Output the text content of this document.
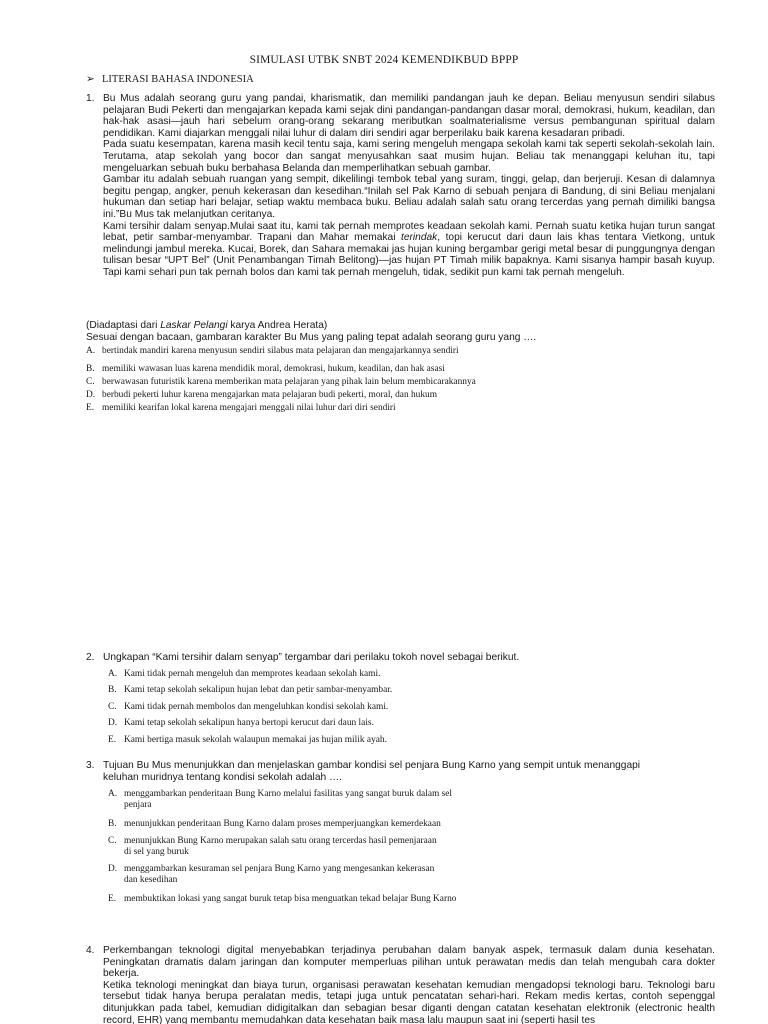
SIMULASI UTBK SNBT 2024 KEMENDIKBUD BPPP
➢ LITERASI BAHASA INDONESIA
1. Bu Mus adalah seorang guru yang pandai, kharismatik, dan memiliki pandangan jauh ke depan. Beliau menyusun sendiri silabus pelajaran Budi Pekerti dan mengajarkan kepada kami sejak dini pandangan-pandangan dasar moral, demokrasi, hukum, keadilan, dan hak-hak asasi—jauh hari sebelum orang-orang sekarang meributkan soalmaterialisme versus pembangunan spiritual dalam pendidikan. Kami diajarkan menggali nilai luhur di dalam diri sendiri agar berperilaku baik karena kesadaran pribadi.

Pada suatu kesempatan, karena masih kecil tentu saja, kami sering mengeluh mengapa sekolah kami tak seperti sekolah-sekolah lain. Terutama, atap sekolah yang bocor dan sangat menyusahkan saat musim hujan. Beliau tak menanggapi keluhan itu, tapi mengeluarkan sebuah buku berbahasa Belanda dan memperlihatkan sebuah gambar.

Gambar itu adalah sebuah ruangan yang sempit, dikelilingi tembok tebal yang suram, tinggi, gelap, dan berjeruji. Kesan di dalamnya begitu pengap, angker, penuh kekerasan dan kesedihan.“Inilah sel Pak Karno di sebuah penjara di Bandung, di sini Beliau menjalani hukuman dan setiap hari belajar, setiap waktu membaca buku. Beliau adalah salah satu orang tercerdas yang pernah dimiliki bangsa ini.”Bu Mus tak melanjutkan ceritanya.

Kami tersihir dalam senyap.Mulai saat itu, kami tak pernah memprotes keadaan sekolah kami. Pernah suatu ketika hujan turun sangat lebat, petir sambar-menyambar. Trapani dan Mahar memakai terindak, topi kerucut dari daun lais khas tentara Vietkong, untuk melindungi jambul mereka. Kucai, Borek, dan Sahara memakai jas hujan kuning bergambar gerigi metal besar di punggungnya dengan tulisan besar “UPT Bel” (Unit Penambangan Timah Belitong)—jas hujan PT Timah milik bapaknya. Kami sisanya hampir basah kuyup. Tapi kami sehari pun tak pernah bolos dan kami tak pernah mengeluh, tidak, sedikit pun kami tak pernah mengeluh.

(Diadaptasi dari Laskar Pelangi karya Andrea Herata)
Sesuai dengan bacaan, gambaran karakter Bu Mus yang paling tepat adalah seorang guru yang ….
A. bertindak mandiri karena menyusun sendiri silabus mata pelajaran dan mengajarkannya sendiri
B. memiliki wawasan luas karena mendidik moral, demokrasi, hukum, keadilan, dan hak asasi
C. berwawasan futuristik karena memberikan mata pelajaran yang pihak lain belum membicarakannya
D. berbudi pekerti luhur karena mengajarkan mata pelajaran budi pekerti, moral, dan hukum
E. memiliki kearifan lokal karena mengajari menggali nilai luhur dari diri sendiri
2. Ungkapan “Kami tersihir dalam senyap” tergambar dari perilaku tokoh novel sebagai berikut.
A. Kami tidak pernah mengeluh dan memprotes keadaan sekolah kami.
B. Kami tetap sekolah sekalipun hujan lebat dan petir sambar-menyambar.
C. Kami tidak pernah membolos dan mengeluhkan kondisi sekolah kami.
D. Kami tetap sekolah sekalipun hanya bertopi kerucut dari daun lais.
E. Kami bertiga masuk sekolah walaupun memakai jas hujan milik ayah.
3. Tujuan Bu Mus menunjukkan dan menjelaskan gambar kondisi sel penjara Bung Karno yang sempit untuk menanggapi
keluhan muridnya tentang kondisi sekolah adalah ….
A. menggambarkan penderitaan Bung Karno melalui fasilitas yang sangat buruk dalam sel
penjara
B. menunjukkan penderitaan Bung Karno dalam proses memperjuangkan kemerdekaan
C. menunjukkan Bung Karno merupakan salah satu orang tercerdas hasil pemenjaraan
di sel yang buruk
D. menggambarkan kesuraman sel penjara Bung Karno yang mengesankan kekerasan
dan kesedihan
E. membuktikan lokasi yang sangat buruk tetap bisa menguatkan tekad belajar Bung Karno
4. Perkembangan teknologi digital menyebabkan terjadinya perubahan dalam banyak aspek, termasuk dalam dunia kesehatan. Peningkatan dramatis dalam jaringan dan komputer memperluas pilihan untuk perawatan medis dan telah mengubah cara dokter bekerja.

Ketika teknologi meningkat dan biaya turun, organisasi perawatan kesehatan kemudian mengadopsi teknologi baru. Teknologi baru tersebut tidak hanya berupa peralatan medis, tetapi juga untuk pencatatan sehari-hari. Rekam medis kertas, contoh sepenggal ditunjukkan pada tabel, kemudian didigitalkan dan sebagian besar diganti dengan catatan kesehatan elektronik (electronic health record, EHR) yang membantu memudahkan data kesehatan baik masa lalu maupun saat ini (seperti hasil tes
